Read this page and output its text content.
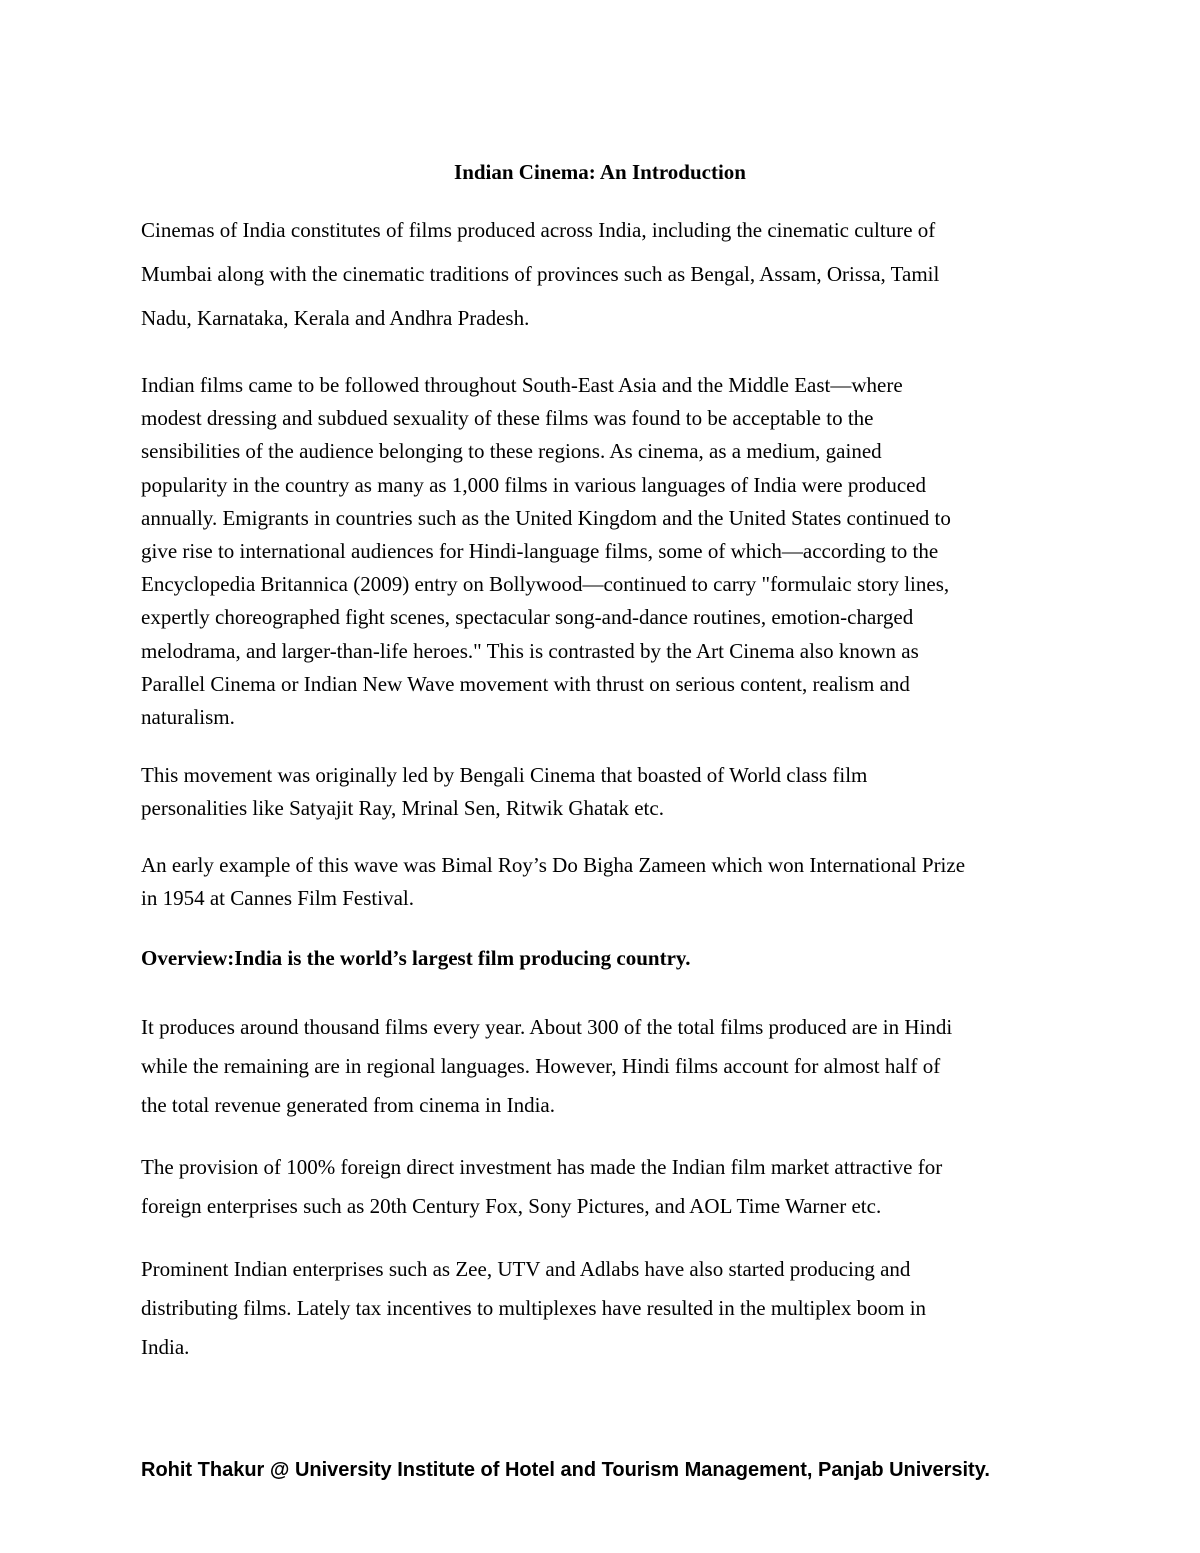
Indian Cinema: An Introduction

Cinemas of India constitutes of films produced across India, including the cinematic culture of
Mumbai along with the cinematic traditions of provinces such as Bengal, Assam, Orissa, Tamil
Nadu, Karnataka, Kerala and Andhra Pradesh.

Indian films came to be followed throughout South-East Asia and the Middle East—where
modest dressing and subdued sexuality of these films was found to be acceptable to the
sensibilities of the audience belonging to these regions. As cinema, as a medium, gained
popularity in the country as many as 1,000 films in various languages of India were produced
annually. Emigrants in countries such as the United Kingdom and the United States continued to
give rise to international audiences for Hindi-language films, some of which—according to the
Encyclopedia Britannica (2009) entry on Bollywood—continued to carry "formulaic story lines,
expertly choreographed fight scenes, spectacular song-and-dance routines, emotion-charged
melodrama, and larger-than-life heroes." This is contrasted by the Art Cinema also known as
Parallel Cinema or Indian New Wave movement with thrust on serious content, realism and
naturalism.

This movement was originally led by Bengali Cinema that boasted of World class film
personalities like Satyajit Ray, Mrinal Sen, Ritwik Ghatak etc.

An early example of this wave was Bimal Roy’s Do Bigha Zameen which won International Prize
in 1954 at Cannes Film Festival.

Overview:India is the world’s largest film producing country.

It produces around thousand films every year. About 300 of the total films produced are in Hindi
while the remaining are in regional languages. However, Hindi films account for almost half of
the total revenue generated from cinema in India.

The provision of 100% foreign direct investment has made the Indian film market attractive for
foreign enterprises such as 20th Century Fox, Sony Pictures, and AOL Time Warner etc.

Prominent Indian enterprises such as Zee, UTV and Adlabs have also started producing and
distributing films. Lately tax incentives to multiplexes have resulted in the multiplex boom in
India.

Rohit Thakur @ University Institute of Hotel and Tourism Management, Panjab University.
